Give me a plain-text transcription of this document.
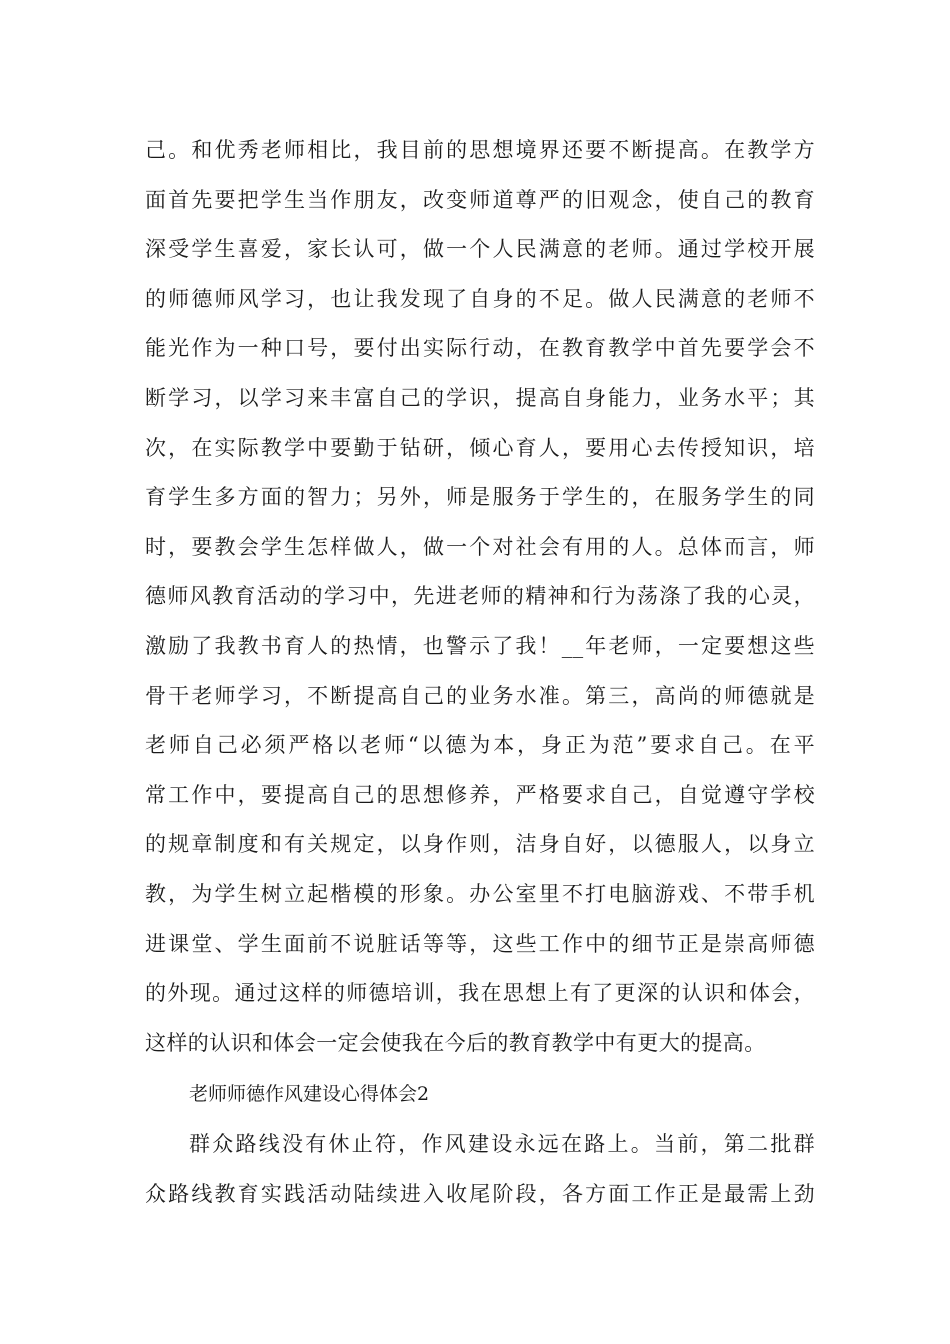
己。和优秀老师相比，我目前的思想境界还要不断提高。在教学方
面首先要把学生当作朋友，改变师道尊严的旧观念，使自己的教育
深受学生喜爱，家长认可，做一个人民满意的老师。通过学校开展
的师德师风学习，也让我发现了自身的不足。做人民满意的老师不
能光作为一种口号，要付出实际行动，在教育教学中首先要学会不
断学习，以学习来丰富自己的学识，提高自身能力，业务水平；其
次，在实际教学中要勤于钻研，倾心育人，要用心去传授知识，培
育学生多方面的智力；另外，师是服务于学生的，在服务学生的同
时，要教会学生怎样做人，做一个对社会有用的人。总体而言，师
德师风教育活动的学习中，先进老师的精神和行为荡涤了我的心灵，
激励了我教书育人的热情，也警示了我！__年老师，一定要想这些
骨干老师学习，不断提高自己的业务水准。第三，高尚的师德就是
老师自己必须严格以老师“以德为本，身正为范”要求自己。在平
常工作中，要提高自己的思想修养，严格要求自己，自觉遵守学校
的规章制度和有关规定，以身作则，洁身自好，以德服人，以身立
教，为学生树立起楷模的形象。办公室里不打电脑游戏、不带手机
进课堂、学生面前不说脏话等等，这些工作中的细节正是崇高师德
的外现。通过这样的师德培训，我在思想上有了更深的认识和体会，
这样的认识和体会一定会使我在今后的教育教学中有更大的提高。
老师师德作风建设心得体会2
群众路线没有休止符，作风建设永远在路上。当前，第二批群
众路线教育实践活动陆续进入收尾阶段，各方面工作正是最需上劲
